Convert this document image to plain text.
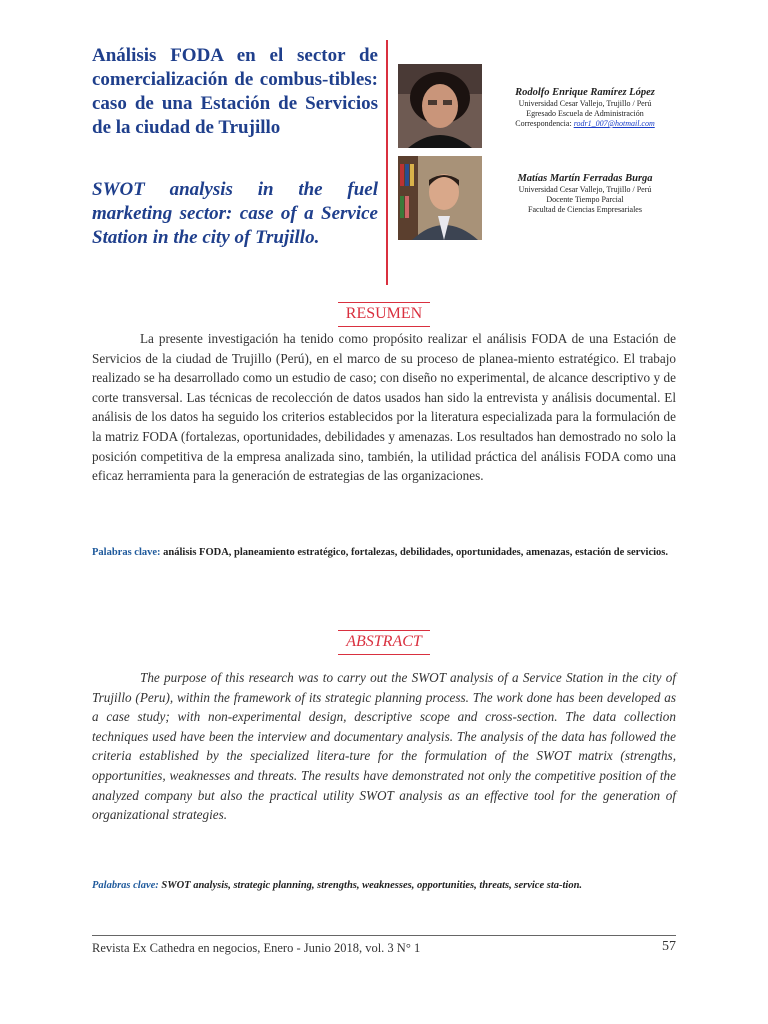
Análisis FODA en el sector de comercialización de combus-tibles: caso de una Estación de Servicios de la ciudad de Trujillo
SWOT analysis in the fuel marketing sector: case of a Service Station in the city of Trujillo.
Rodolfo Enrique Ramírez López
Universidad Cesar Vallejo, Trujillo / Perú
Egresado Escuela de Administración
Correspondencia: rodr1_007@hotmail.com
Matías Martín Ferradas Burga
Universidad Cesar Vallejo, Trujillo / Perú
Docente Tiempo Parcial
Facultad de Ciencias Empresariales
RESUMEN
La presente investigación ha tenido como propósito realizar el análisis FODA de una Estación de Servicios de la ciudad de Trujillo (Perú), en el marco de su proceso de planea-miento estratégico. El trabajo realizado se ha desarrollado como un estudio de caso; con diseño no experimental, de alcance descriptivo y de corte transversal. Las técnicas de recolección de datos usados han sido la entrevista y análisis documental. El análisis de los datos ha seguido los criterios establecidos por la literatura especializada para la formulación de la matriz FODA (fortalezas, oportunidades, debilidades y amenazas. Los resultados han demostrado no solo la posición competitiva de la empresa analizada sino, también, la utilidad práctica del análisis FODA como una eficaz herramienta para la generación de estrategias de las organizaciones.
Palabras clave: análisis FODA, planeamiento estratégico, fortalezas, debilidades, oportunidades, amenazas, estación de servicios.
ABSTRACT
The purpose of this research was to carry out the SWOT analysis of a Service Station in the city of Trujillo (Peru), within the framework of its strategic planning process. The work done has been developed as a case study; with non-experimental design, descriptive scope and cross-section. The data collection techniques used have been the interview and documentary analysis. The analysis of the data has followed the criteria established by the specialized litera-ture for the formulation of the SWOT matrix (strengths, opportunities, weaknesses and threats. The results have demonstrated not only the competitive position of the analyzed company but also the practical utility SWOT analysis as an effective tool for the generation of organizational strategies.
Palabras clave: SWOT analysis, strategic planning, strengths, weaknesses, opportunities, threats, service sta-tion.
Revista Ex Cathedra en negocios, Enero - Junio 2018, vol. 3 N° 1	57
